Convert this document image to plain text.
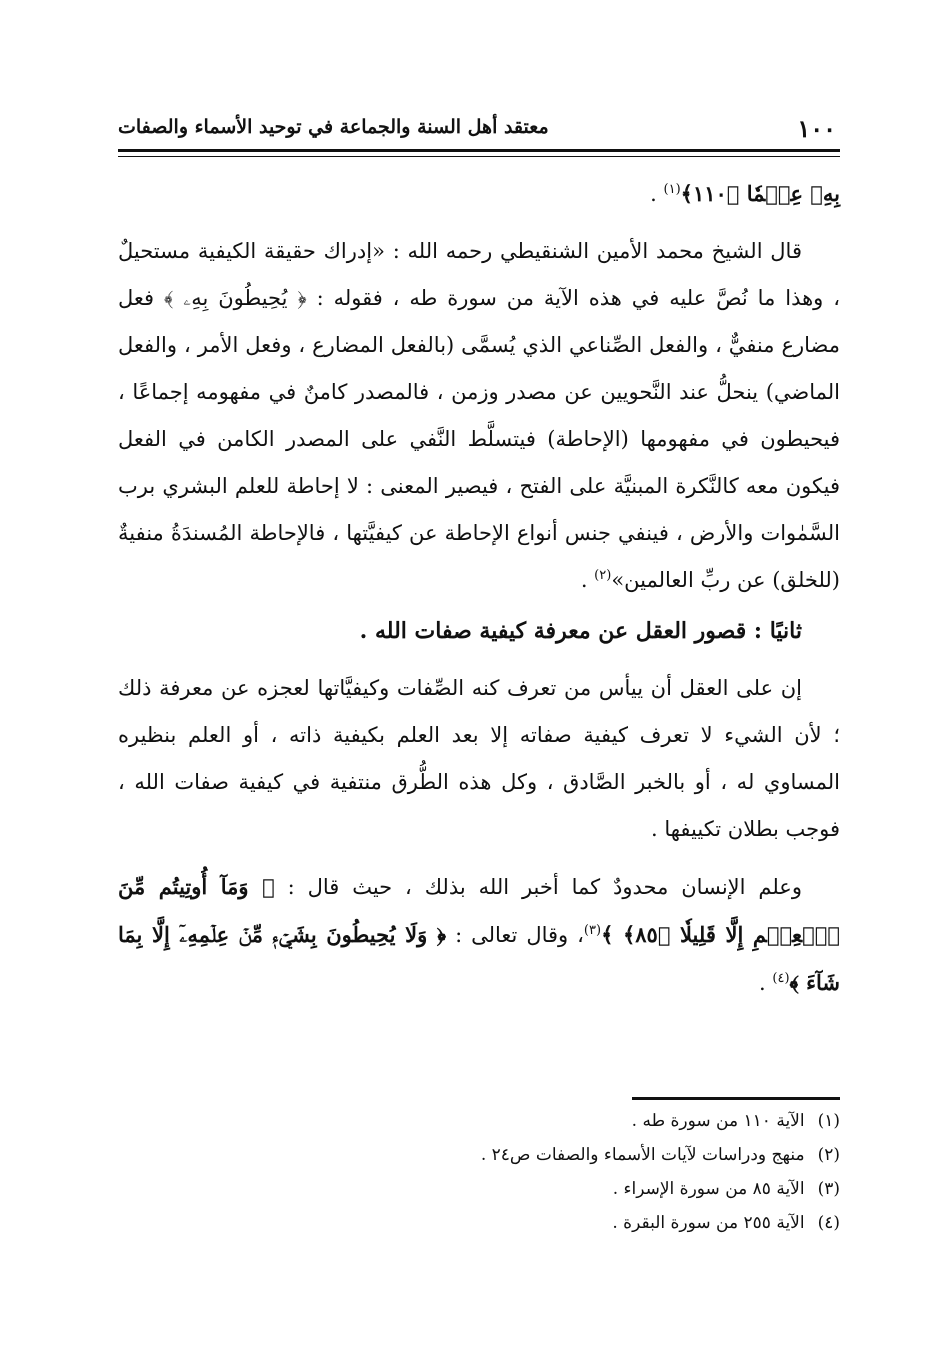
١٠٠
معتقد أهل السنة والجماعة في توحيد الأسماء والصفات

بِهِۦ عِلۡمٗا ﴿١١٠﴾$^{(١)}$ .

قال الشيخ محمد الأمين الشنقيطي رحمه الله : «إدراك حقيقة الكيفية مستحيلٌ ، وهذا ما نُصَّ عليه في هذه الآية من سورة طه ، فقوله : ﴿ يُحِيطُونَ بِهِۦ ﴾ فعل مضارع منفيٌّ ، والفعل الصِّناعي الذي يُسمَّى (بالفعل المضارع ، وفعل الأمر ، والفعل الماضي) ينحلُّ عند النَّحويين عن مصدر وزمن ، فالمصدر كامنٌ في مفهومه إجماعًا ، فيحيطون في مفهومها (الإحاطة) فيتسلَّط النَّفي على المصدر الكامن في الفعل فيكون معه كالنَّكرة المبنيَّة على الفتح ، فيصير المعنى : لا إحاطة للعلم البشري برب السَّمٰوات والأرض ، فينفي جنس أنواع الإحاطة عن كيفيَّتها ، فالإحاطة المُسندَةُ منفيةٌ (للخلق) عن ربِّ العالمين»$^{(٢)}$ .

ثانيًا : قصور العقل عن معرفة كيفية صفات الله .

إن على العقل أن ييأس من تعرف كنه الصِّفات وكيفيَّاتها لعجزه عن معرفة ذلك ؛ لأن الشيء لا تعرف كيفية صفاته إلا بعد العلم بكيفية ذاته ، أو العلم بنظيره المساوي له ، أو بالخبر الصَّادق ، وكل هذه الطُّرق منتفية في كيفية صفات الله ، فوجب بطلان تكييفها .

وعلم الإنسان محدودٌ كما أخبر الله بذلك ، حيث قال : ﴿ وَمَآ أُوتِيتُم مِّنَ ٱلۡعِلۡمِ إِلَّا قَلِيلٗا ﴿٨٥﴾ ﴾$^{(٣)}$، وقال تعالى : ﴿ وَلَا يُحِيطُونَ بِشَيۡءٖ مِّنۡ عِلۡمِهِۦٓ إِلَّا بِمَا شَآءَ ﴾$^{(٤)}$ .

(١) الآية ١١٠ من سورة طه .
(٢) منهج ودراسات لآيات الأسماء والصفات ص٢٤ .
(٣) الآية ٨٥ من سورة الإسراء .
(٤) الآية ٢٥٥ من سورة البقرة .
